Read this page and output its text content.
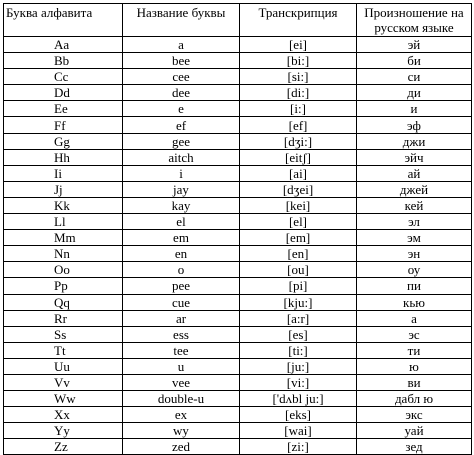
Буква алфавита	Название буквы	Транскрипция	Произношение на русском языке
Aa	a	[ei]	эй
Bb	bee	[bi:]	би
Cc	cee	[si:]	си
Dd	dee	[di:]	ди
Ee	e	[i:]	и
Ff	ef	[ef]	эф
Gg	gee	[dʒi:]	джи
Hh	aitch	[eitʃ]	эйч
Ii	i	[ai]	ай
Jj	jay	[dʒei]	джей
Kk	kay	[kei]	кей
Ll	el	[el]	эл
Mm	em	[em]	эм
Nn	en	[en]	эн
Oo	o	[ou]	оу
Pp	pee	[pi]	пи
Qq	cue	[kju:]	кью
Rr	ar	[a:r]	а
Ss	ess	[es]	эс
Tt	tee	[ti:]	ти
Uu	u	[ju:]	ю
Vv	vee	[vi:]	ви
Ww	double-u	['dʌbl ju:]	дабл ю
Xx	ex	[eks]	экс
Yy	wy	[wai]	уай
Zz	zed	[zi:]	зед
